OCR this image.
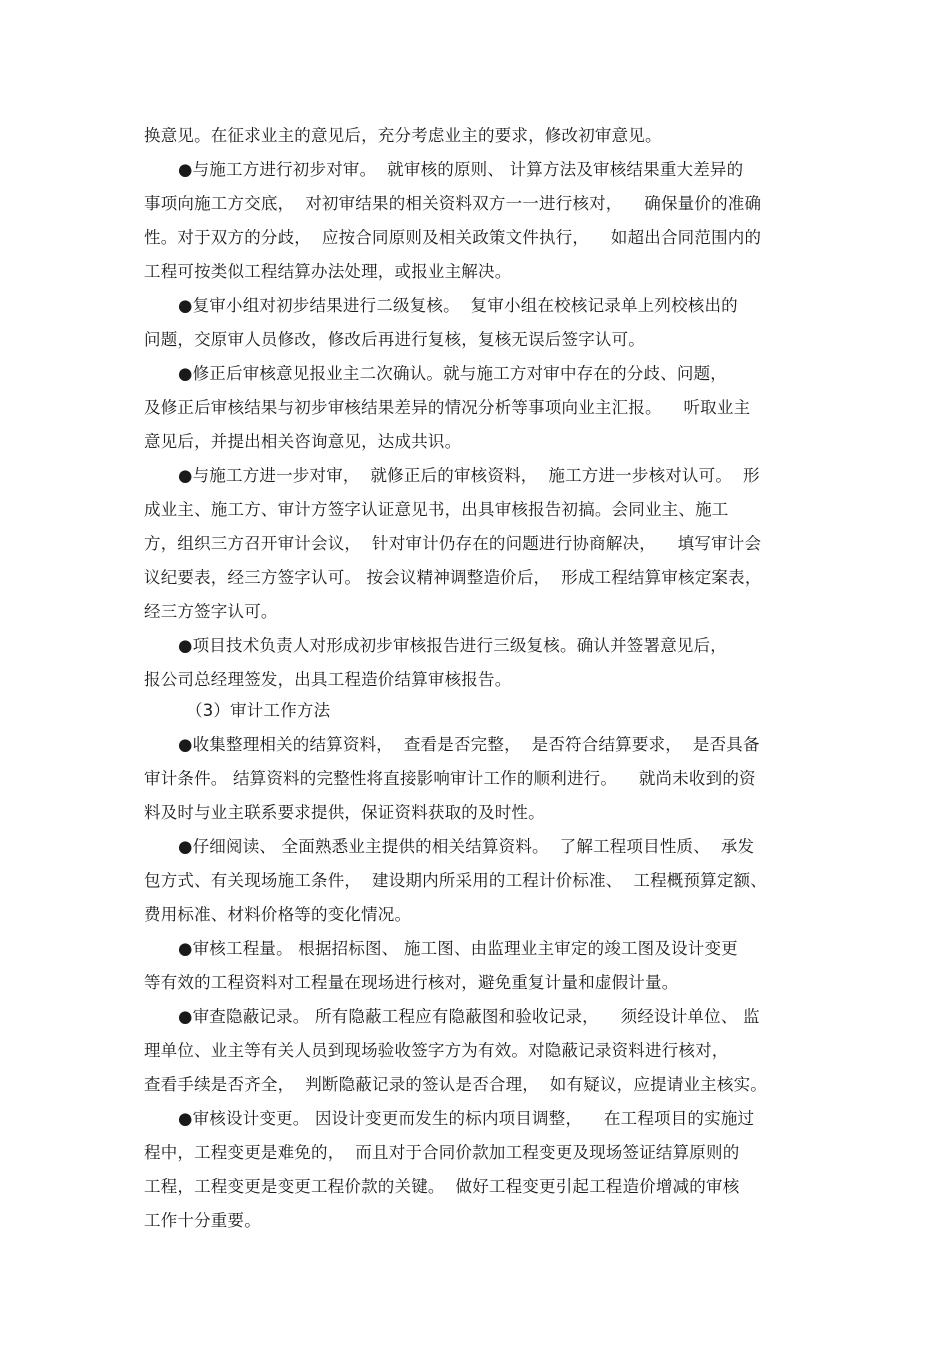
换意见。在征求业主的意见后，充分考虑业主的要求，修改初审意见。
●与施工方进行初步对审。  就审核的原则、 计算方法及审核结果重大差异的
事项向施工方交底，  对初审结果的相关资料双方一一进行核对，    确保量价的准确
性。对于双方的分歧，  应按合同原则及相关政策文件执行，    如超出合同范围内的
工程可按类似工程结算办法处理，或报业主解决。
●复审小组对初步结果进行二级复核。  复审小组在校核记录单上列校核出的
问题，交原审人员修改，修改后再进行复核，复核无误后签字认可。
●修正后审核意见报业主二次确认。就与施工方对审中存在的分歧、问题，
及修正后审核结果与初步审核结果差异的情况分析等事项向业主汇报。    听取业主
意见后，并提出相关咨询意见，达成共识。
●与施工方进一步对审，  就修正后的审核资料，  施工方进一步核对认可。  形
成业主、施工方、审计方签字认证意见书，出具审核报告初搞。会同业主、施工
方，组织三方召开审计会议，  针对审计仍存在的问题进行协商解决，    填写审计会
议纪要表，经三方签字认可。 按会议精神调整造价后，  形成工程结算审核定案表，
经三方签字认可。
●项目技术负责人对形成初步审核报告进行三级复核。确认并签署意见后，
报公司总经理签发，出具工程造价结算审核报告。
（3）审计工作方法
●收集整理相关的结算资料，  查看是否完整，  是否符合结算要求，  是否具备
审计条件。 结算资料的完整性将直接影响审计工作的顺利进行。    就尚未收到的资
料及时与业主联系要求提供，保证资料获取的及时性。
●仔细阅读、 全面熟悉业主提供的相关结算资料。  了解工程项目性质、  承发
包方式、有关现场施工条件，  建设期内所采用的工程计价标准、  工程概预算定额、
费用标准、材料价格等的变化情况。
●审核工程量。 根据招标图、 施工图、由监理业主审定的竣工图及设计变更
等有效的工程资料对工程量在现场进行核对，避免重复计量和虚假计量。
●审查隐蔽记录。 所有隐蔽工程应有隐蔽图和验收记录，    须经设计单位、 监
理单位、业主等有关人员到现场验收签字方为有效。对隐蔽记录资料进行核对，
查看手续是否齐全，  判断隐蔽记录的签认是否合理，  如有疑议，应提请业主核实。
●审核设计变更。 因设计变更而发生的标内项目调整，    在工程项目的实施过
程中，工程变更是难免的，  而且对于合同价款加工程变更及现场签证结算原则的
工程，工程变更是变更工程价款的关键。  做好工程变更引起工程造价增减的审核
工作十分重要。
